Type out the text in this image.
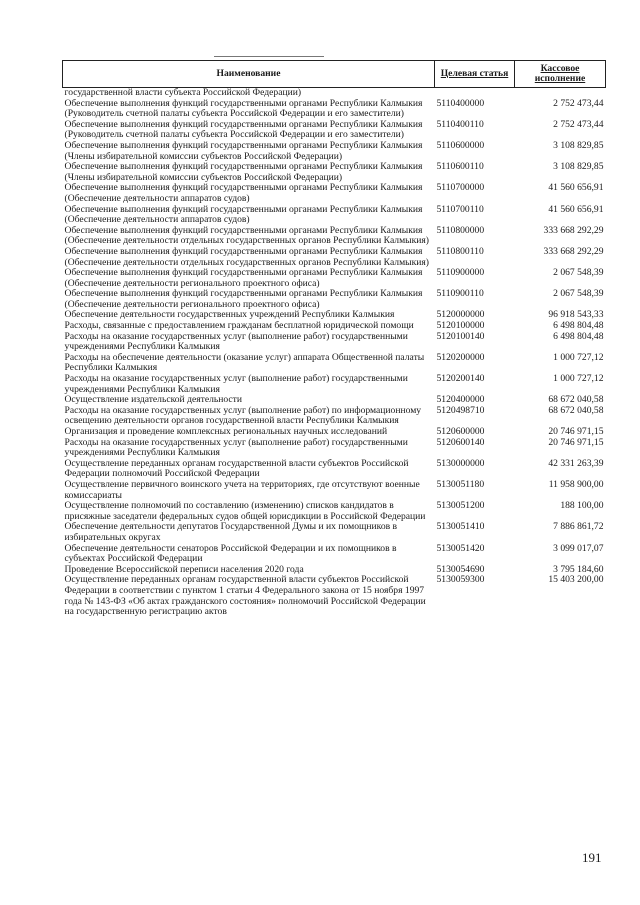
Наименование	Целевая статья	Кассовое исполнение
государственной власти субъекта Российской Федерации)		
Обеспечение выполнения функций государственными органами Республики Калмыкия (Руководитель счетной палаты субъекта Российской Федерации и его заместители)	5110400000	2 752 473,44
Обеспечение выполнения функций государственными органами Республики Калмыкия (Руководитель счетной палаты субъекта Российской Федерации и его заместители)	5110400110	2 752 473,44
Обеспечение выполнения функций государственными органами Республики Калмыкия (Члены избирательной комиссии субъектов Российской Федерации)	5110600000	3 108 829,85
Обеспечение выполнения функций государственными органами Республики Калмыкия (Члены избирательной комиссии субъектов Российской Федерации)	5110600110	3 108 829,85
Обеспечение выполнения функций государственными органами Республики Калмыкия (Обеспечение деятельности аппаратов судов)	5110700000	41 560 656,91
Обеспечение выполнения функций государственными органами Республики Калмыкия (Обеспечение деятельности аппаратов судов)	5110700110	41 560 656,91
Обеспечение выполнения функций государственными органами Республики Калмыкия (Обеспечение деятельности отдельных государственных органов Республики Калмыкия)	5110800000	333 668 292,29
Обеспечение выполнения функций государственными органами Республики Калмыкия (Обеспечение деятельности отдельных государственных органов Республики Калмыкия)	5110800110	333 668 292,29
Обеспечение выполнения функций государственными органами Республики Калмыкия (Обеспечение деятельности регионального проектного офиса)	5110900000	2 067 548,39
Обеспечение выполнения функций государственными органами Республики Калмыкия (Обеспечение деятельности регионального проектного офиса)	5110900110	2 067 548,39
Обеспечение деятельности государственных учреждений Республики Калмыкия	5120000000	96 918 543,33
Расходы, связанные с предоставлением гражданам бесплатной юридической помощи	5120100000	6 498 804,48
Расходы на оказание государственных услуг (выполнение работ) государственными учреждениями Республики Калмыкия	5120100140	6 498 804,48
Расходы на обеспечение деятельности (оказание услуг) аппарата Общественной палаты Республики Калмыкия	5120200000	1 000 727,12
Расходы на оказание государственных услуг (выполнение работ) государственными учреждениями Республики Калмыкия	5120200140	1 000 727,12
Осуществление издательской деятельности	5120400000	68 672 040,58
Расходы на оказание государственных услуг (выполнение работ) по информационному освещению деятельности органов государственной власти Республики Калмыкия	5120498710	68 672 040,58
Организация и проведение комплексных региональных научных исследований	5120600000	20 746 971,15
Расходы на оказание государственных услуг (выполнение работ) государственными учреждениями Республики Калмыкия	5120600140	20 746 971,15
Осуществление переданных органам государственной власти субъектов Российской Федерации полномочий Российской Федерации	5130000000	42 331 263,39
Осуществление первичного воинского учета на территориях, где отсутствуют военные комиссариаты	5130051180	11 958 900,00
Осуществление полномочий по составлению (изменению) списков кандидатов в присяжные заседатели федеральных судов общей юрисдикции в Российской Федерации	5130051200	188 100,00
Обеспечение деятельности депутатов Государственной Думы и их помощников в избирательных округах	5130051410	7 886 861,72
Обеспечение деятельности сенаторов Российской Федерации и их помощников в субъектах Российской Федерации	5130051420	3 099 017,07
Проведение Всероссийской переписи населения 2020 года	5130054690	3 795 184,60
Осуществление переданных органам государственной власти субъектов Российской Федерации в соответствии с пунктом 1 статьи 4 Федерального закона от 15 ноября 1997 года № 143-ФЗ «Об актах гражданского состояния» полномочий Российской Федерации на государственную регистрацию актов	5130059300	15 403 200,00
191
